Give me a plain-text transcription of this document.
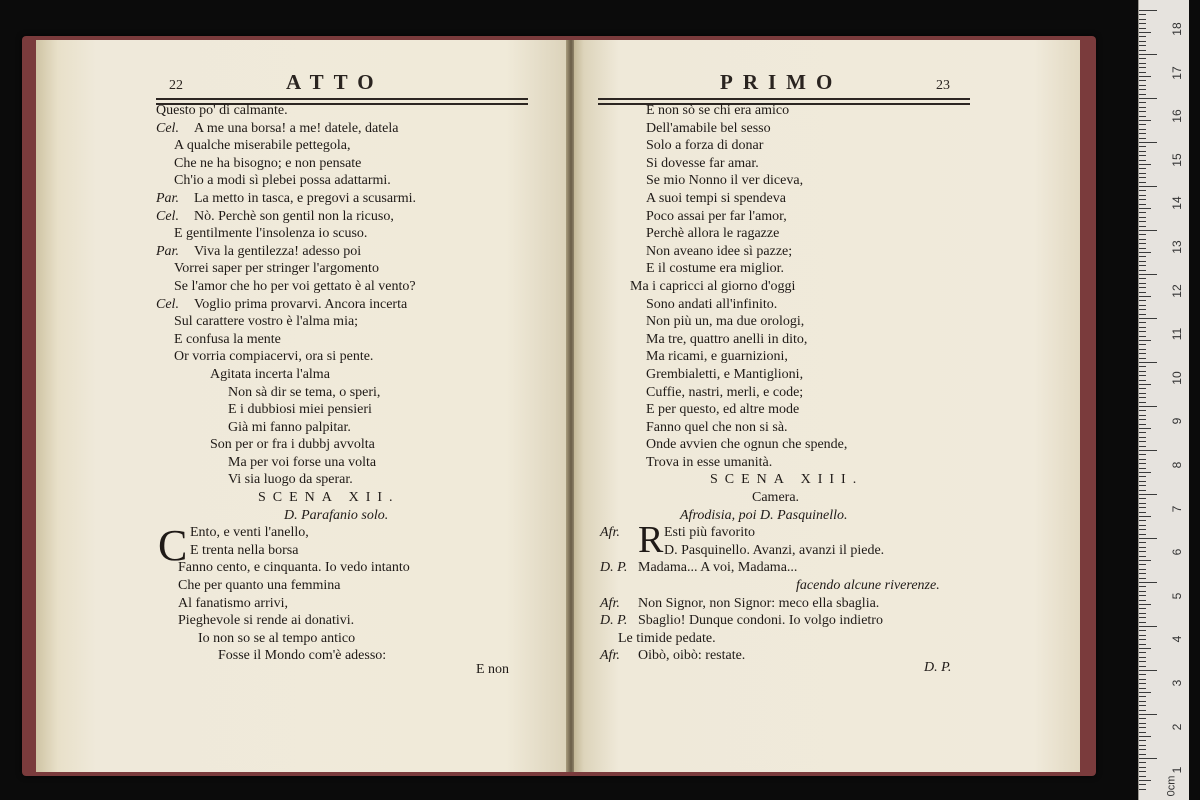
22	ATTO
Questo po' di calmante.
Cel. A me una borsa! a me! datele, datela
A qualche miserabile pettegola,
Che ne ha bisogno; e non pensate
Ch'io a modi sì plebei possa adattarmi.
Par. La metto in tasca, e pregovi a scusarmi.
Cel. Nò. Perchè son gentil non la ricuso,
E gentilmente l'insolenza io scuso.
Par. Viva la gentilezza! adesso poi
Vorrei saper per stringer l'argomento
Se l'amor che ho per voi gettato è al vento?
Cel. Voglio prima provarvi. Ancora incerta
Sul carattere vostro è l'alma mia;
E confusa la mente
Or vorria compiacervi, ora si pente.
Agitata incerta l'alma
Non sà dir se tema, o speri,
E i dubbiosi miei pensieri
Già mi fanno palpitar.
Son per or fra i dubbj avvolta
Ma per voi forse una volta
Vi sia luogo da sperar.
SCENA XII.
D. Parafanio solo.
C Ento, e venti l'anello,
E trenta nella borsa
Fanno cento, e cinquanta. Io vedo intanto
Che per quanto una femmina
Al fanatismo arrivi,
Pieghevole si rende ai donativi.
Io non so se al tempo antico
Fosse il Mondo com'è adesso:
E non
23
PRIMO
E non sò se chi era amico
Dell'amabile bel sesso
Solo a forza di donar
Si dovesse far amar.
Se mio Nonno il ver diceva,
A suoi tempi si spendeva
Poco assai per far l'amor,
Perchè allora le ragazze
Non aveano idee sì pazze;
E il costume era miglior.
Ma i capricci al giorno d'oggi
Sono andati all'infinito.
Non più un, ma due orologi,
Ma tre, quattro anelli in dito,
Ma ricami, e guarnizioni,
Grembialetti, e Mantiglioni,
Cuffie, nastri, merli, e code;
E per questo, ed altre mode
Fanno quel che non si sà.
Onde avvien che ognun che spende,
Trova in esse umanità.
SCENA XIII.
Camera.
Afrodisia, poi D. Pasquinello.
Afr. R Esti più favorito
D. Pasquinello. Avanzi, avanzi il piede.
D. P. Madama... A voi, Madama...
facendo alcune riverenze.
Afr. Non Signor, non Signor: meco ella sbaglia.
D. P. Sbaglio! Dunque condoni. Io volgo indietro
Le timide pedate.
Afr. Oibò, oibò: restate.
D. P.
0cm
18
17
16
15
14
13
12
11
10
9
8
7
6
5
4
3
2
1
